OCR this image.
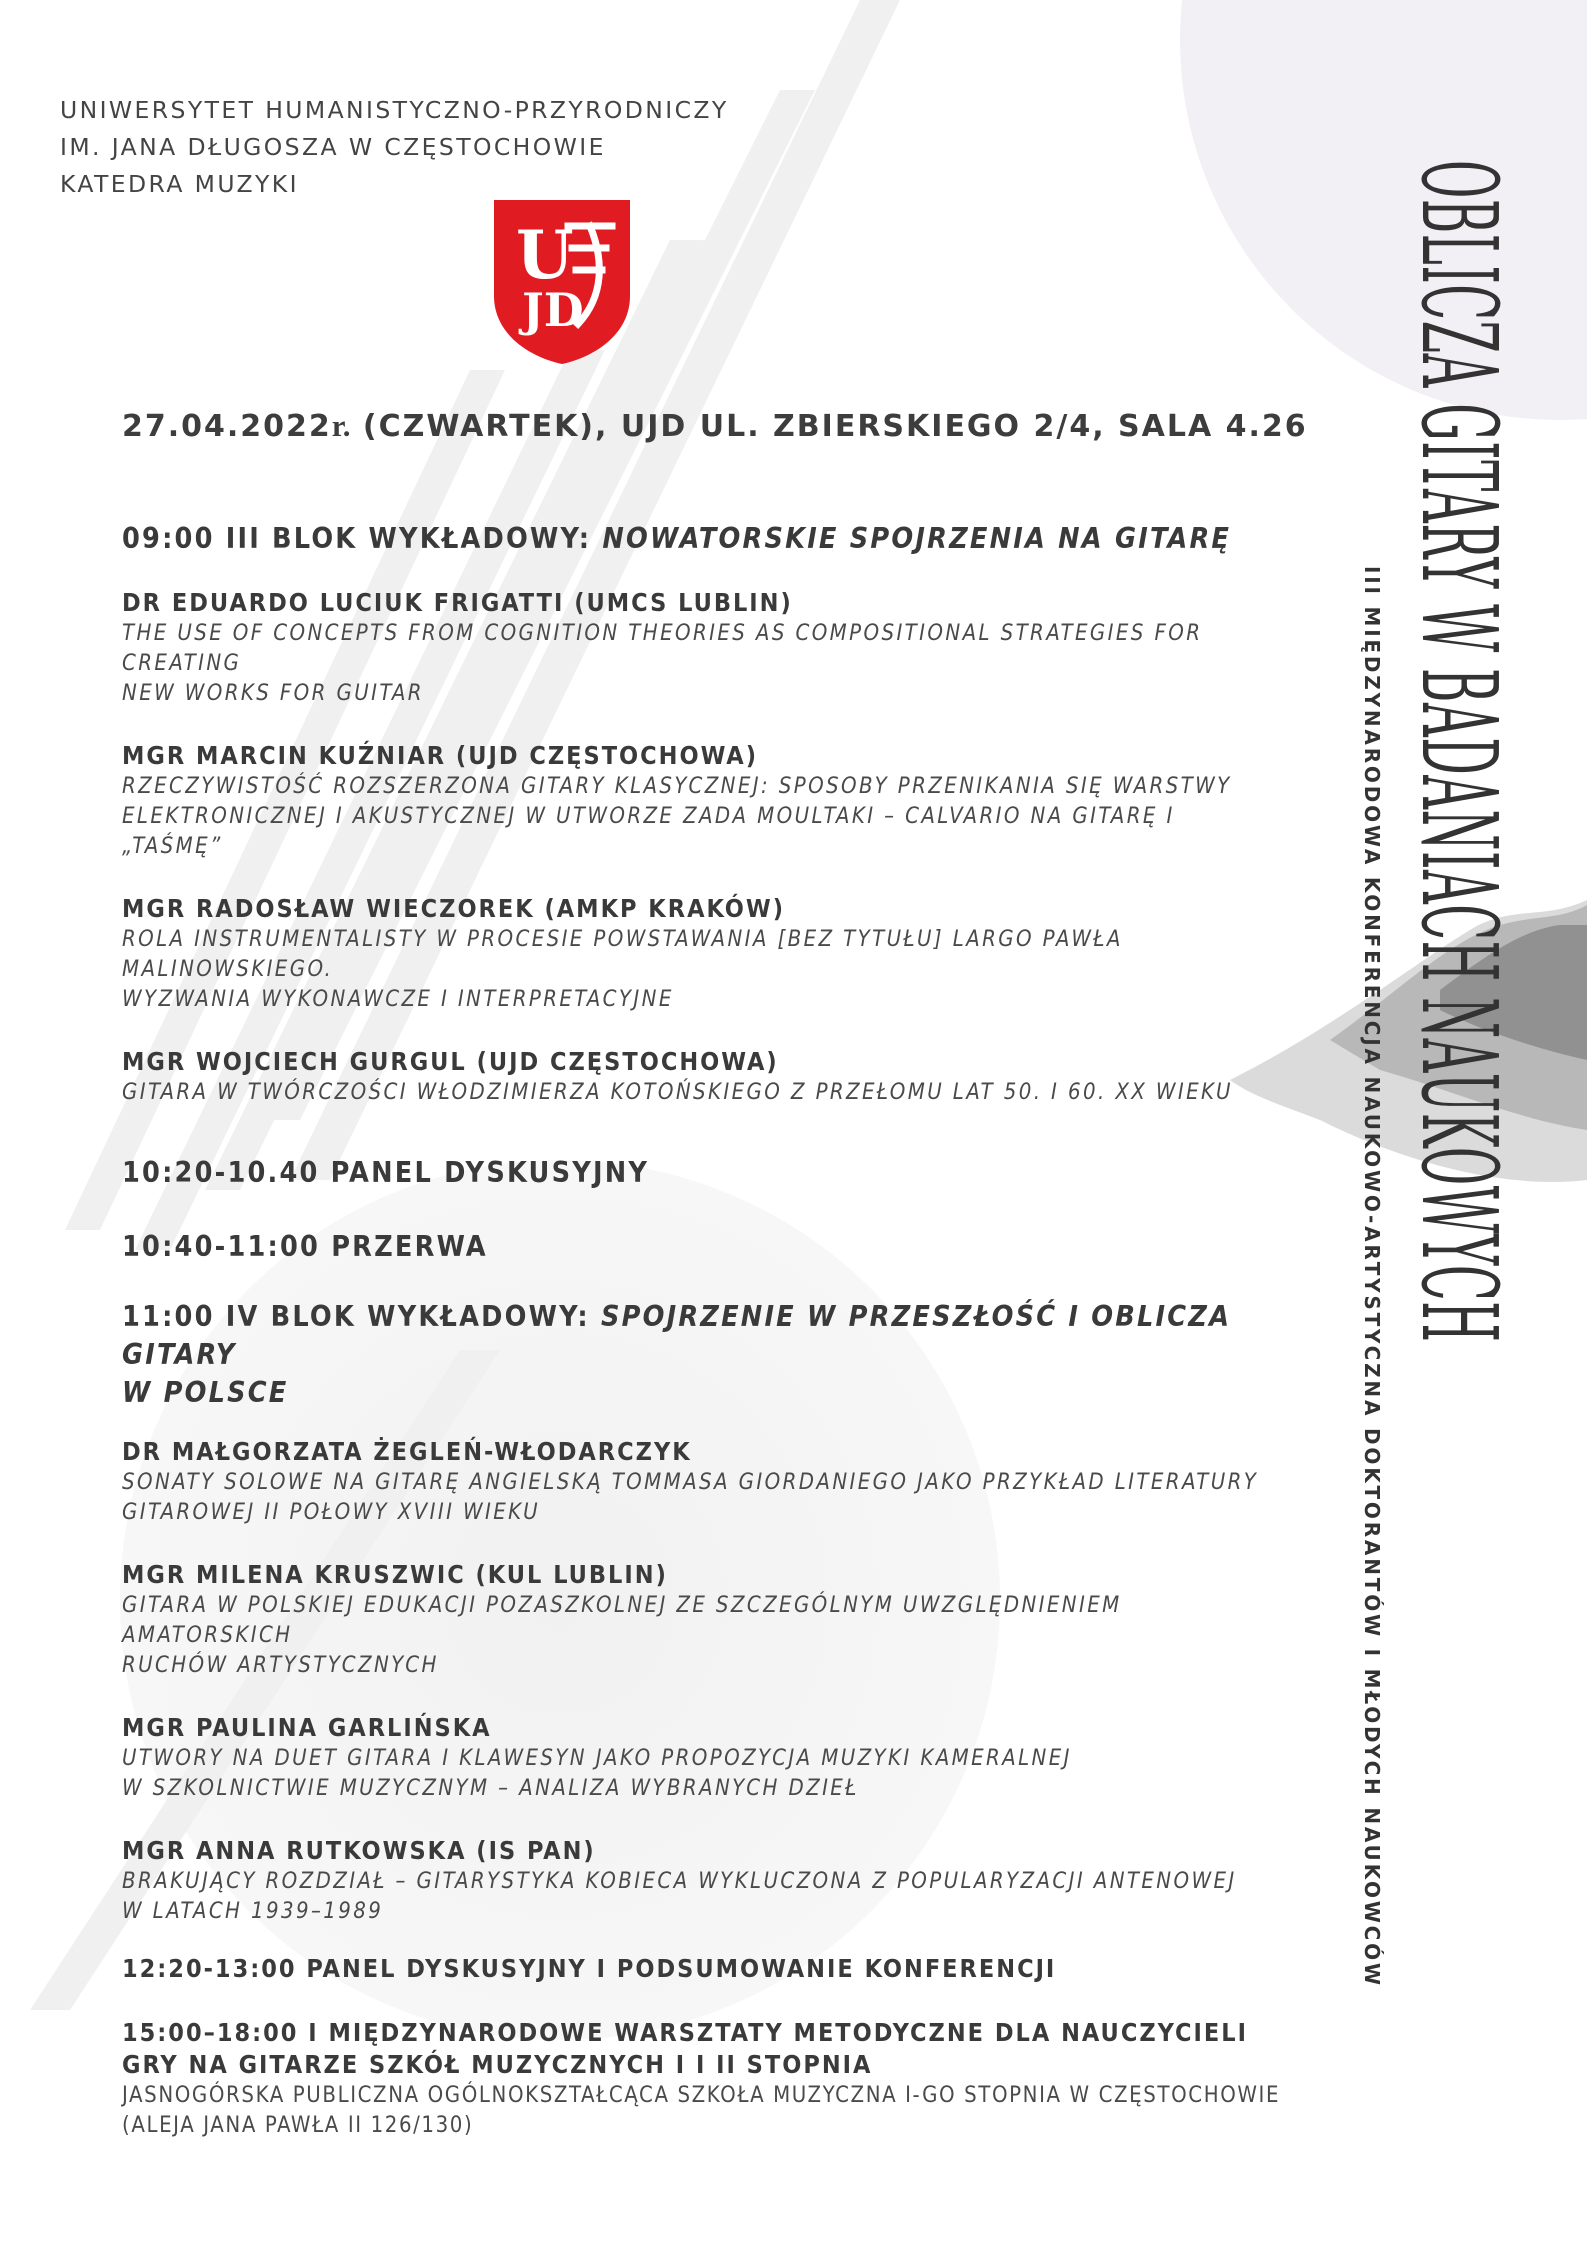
UNIWERSYTET HUMANISTYCZNO-PRZYRODNICZY
IM. JANA DŁUGOSZA W CZĘSTOCHOWIE
KATEDRA MUZYKI
U
JD
27.04.2022r. (CZWARTEK), UJD UL. ZBIERSKIEGO 2/4, SALA 4.26
09:00 III BLOK WYKŁADOWY: NOWATORSKIE SPOJRZENIA NA GITARĘ
DR EDUARDO LUCIUK FRIGATTI (UMCS LUBLIN)
THE USE OF CONCEPTS FROM COGNITION THEORIES AS COMPOSITIONAL STRATEGIES FOR CREATING
NEW WORKS FOR GUITAR
MGR MARCIN KUŹNIAR (UJD CZĘSTOCHOWA)
RZECZYWISTOŚĆ ROZSZERZONA GITARY KLASYCZNEJ: SPOSOBY PRZENIKANIA SIĘ WARSTWY
ELEKTRONICZNEJ I AKUSTYCZNEJ W UTWORZE ZADA MOULTAKI – CALVARIO NA GITARĘ I „TAŚMĘ”
MGR RADOSŁAW WIECZOREK (AMKP KRAKÓW)
ROLA INSTRUMENTALISTY W PROCESIE POWSTAWANIA [BEZ TYTUŁU] LARGO PAWŁA MALINOWSKIEGO.
WYZWANIA WYKONAWCZE I INTERPRETACYJNE
MGR WOJCIECH GURGUL (UJD CZĘSTOCHOWA)
GITARA W TWÓRCZOŚCI WŁODZIMIERZA KOTOŃSKIEGO Z PRZEŁOMU LAT 50. I 60. XX WIEKU
10:20-10.40 PANEL DYSKUSYJNY
10:40-11:00 PRZERWA
11:00 IV BLOK WYKŁADOWY: SPOJRZENIE W PRZESZŁOŚĆ I OBLICZA GITARY
W POLSCE
DR MAŁGORZATA ŻEGLEŃ-WŁODARCZYK
SONATY SOLOWE NA GITARĘ ANGIELSKĄ TOMMASA GIORDANIEGO JAKO PRZYKŁAD LITERATURY
GITAROWEJ II POŁOWY XVIII WIEKU
MGR MILENA KRUSZWIC (KUL LUBLIN)
GITARA W POLSKIEJ EDUKACJI POZASZKOLNEJ ZE SZCZEGÓLNYM UWZGLĘDNIENIEM AMATORSKICH
RUCHÓW ARTYSTYCZNYCH
MGR PAULINA GARLIŃSKA
UTWORY NA DUET GITARA I KLAWESYN JAKO PROPOZYCJA MUZYKI KAMERALNEJ
W SZKOLNICTWIE MUZYCZNYM – ANALIZA WYBRANYCH DZIEŁ
MGR ANNA RUTKOWSKA (IS PAN)
BRAKUJĄCY ROZDZIAŁ – GITARYSTYKA KOBIECA WYKLUCZONA Z POPULARYZACJI ANTENOWEJ
W LATACH 1939–1989
12:20-13:00 PANEL DYSKUSYJNY I PODSUMOWANIE KONFERENCJI
15:00–18:00 I MIĘDZYNARODOWE WARSZTATY METODYCZNE DLA NAUCZYCIELI
GRY NA GITARZE SZKÓŁ MUZYCZNYCH I I II STOPNIA
JASNOGÓRSKA PUBLICZNA OGÓLNOKSZTAŁCĄCA SZKOŁA MUZYCZNA I-GO STOPNIA W CZĘSTOCHOWIE
(ALEJA JANA PAWŁA II 126/130)
OBLICZA GITARY W BADANIACH NAUKOWYCH
III MIĘDZYNARODOWA KONFERENCJA NAUKOWO-ARTYSTYCZNA DOKTORANTÓW I MŁODYCH NAUKOWCÓW
